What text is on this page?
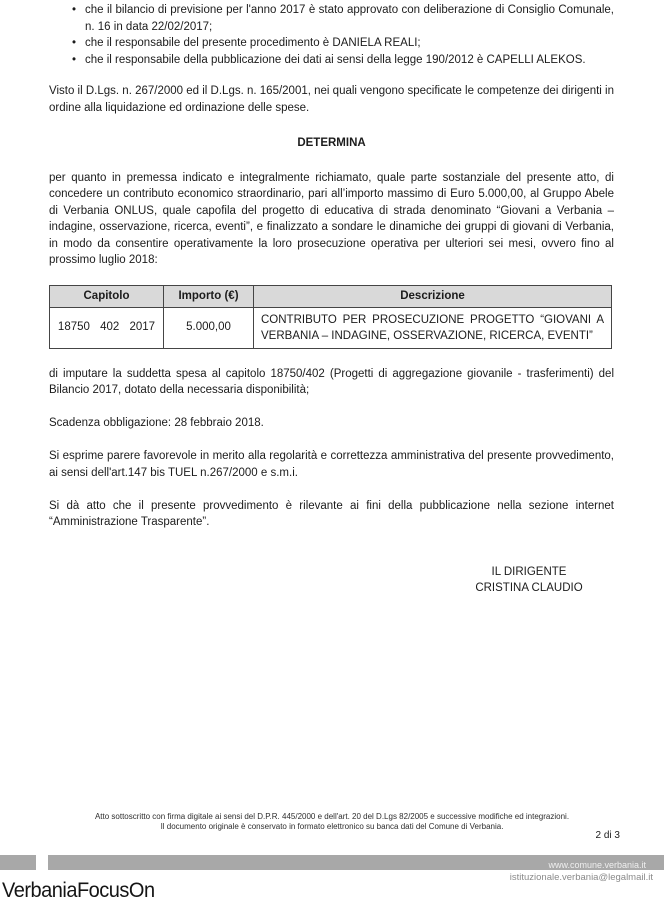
• che il bilancio di previsione per l'anno 2017 è stato approvato con deliberazione di Consiglio Comunale, n. 16 in data 22/02/2017;
• che il responsabile del presente procedimento è DANIELA REALI;
• che il responsabile della pubblicazione dei dati ai sensi della legge 190/2012 è CAPELLI ALEKOS.

Visto il D.Lgs. n. 267/2000 ed il D.Lgs. n. 165/2001, nei quali vengono specificate le competenze dei dirigenti in ordine alla liquidazione ed ordinazione delle spese.

DETERMINA

per quanto in premessa indicato e integralmente richiamato, quale parte sostanziale del presente atto, di concedere un contributo economico straordinario, pari all’importo massimo di Euro 5.000,00, al Gruppo Abele di Verbania ONLUS, quale capofila del progetto di educativa di strada denominato “Giovani a Verbania – indagine, osservazione, ricerca, eventi”, e finalizzato a sondare le dinamiche dei gruppi di giovani di Verbania, in modo da consentire operativamente la loro prosecuzione operativa per ulteriori sei mesi, ovvero fino al prossimo luglio 2018:

Capitolo	Importo (€)	Descrizione
18750 402 2017	5.000,00	CONTRIBUTO PER PROSECUZIONE PROGETTO “GIOVANI A VERBANIA – INDAGINE, OSSERVAZIONE, RICERCA, EVENTI”

di imputare la suddetta spesa al capitolo 18750/402 (Progetti di aggregazione giovanile - trasferimenti) del Bilancio 2017, dotato della necessaria disponibilità;

Scadenza obbligazione: 28 febbraio 2018.

Si esprime parere favorevole in merito alla regolarità e correttezza amministrativa del presente provvedimento, ai sensi dell'art.147 bis TUEL n.267/2000 e s.m.i.

Si dà atto che il presente provvedimento è rilevante ai fini della pubblicazione nella sezione internet “Amministrazione Trasparente”.

IL DIRIGENTE
CRISTINA CLAUDIO
Atto sottoscritto con firma digitale ai sensi del D.P.R. 445/2000 e dell'art. 20 del D.Lgs 82/2005 e successive modifiche ed integrazioni.
Il documento originale è conservato in formato elettronico su banca dati del Comune di Verbania.
2 di 3
www.comune.verbania.it
istituzionale.verbania@legalmail.it
VerbaniaFocusOn
